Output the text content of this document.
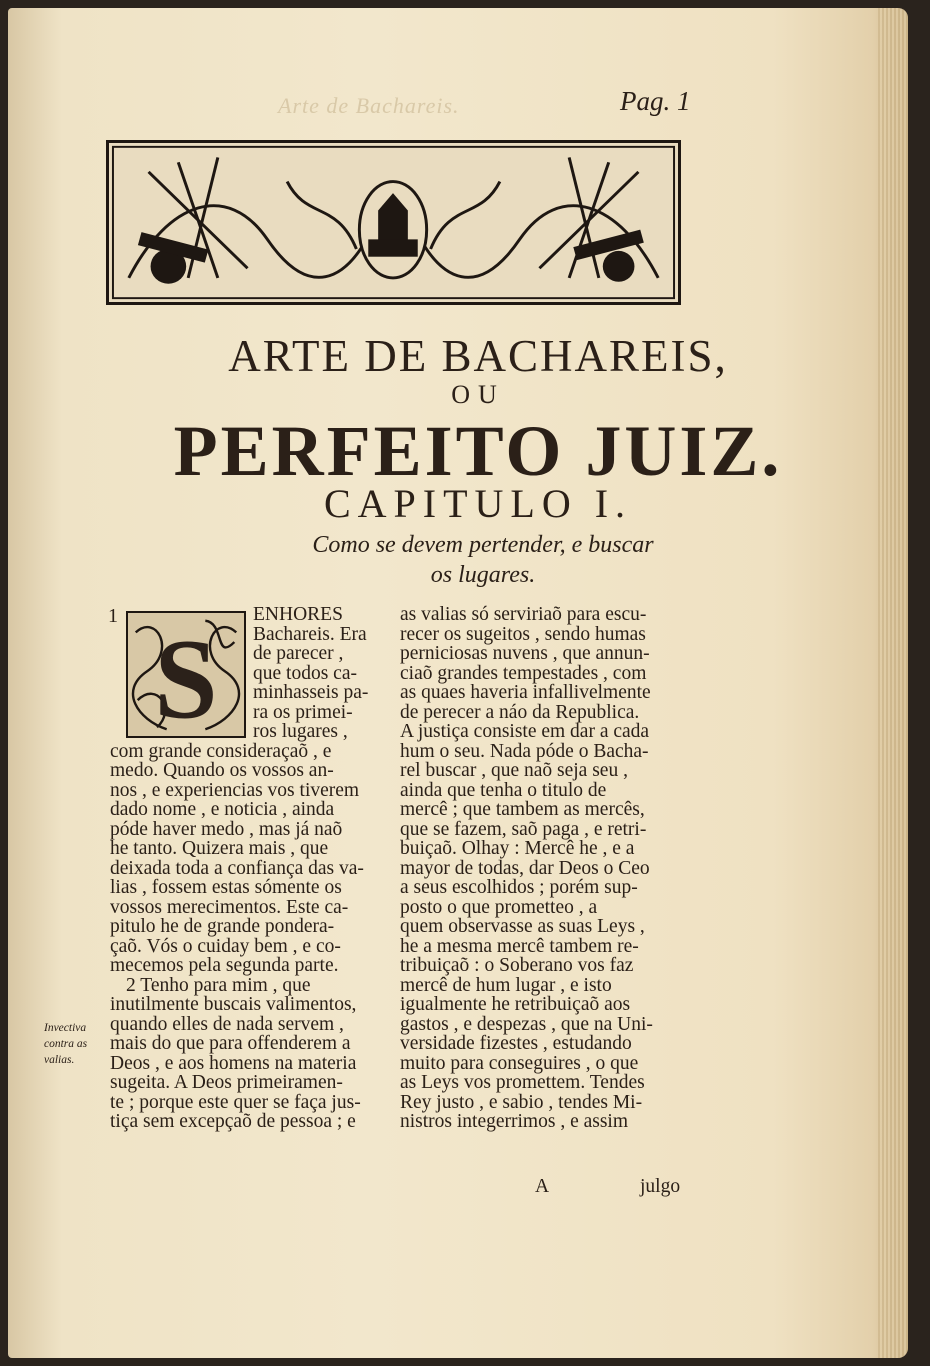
Arte de Bachareis.	Pag. 1
ARTE DE BACHAREIS,
OU
PERFEITO JUIZ.
CAPITULO I.
Como se devem pertender, e buscar
os lugares.
1 S
ENHORES
Bachareis. Era
de parecer ,
que todos ca-
minhasseis pa-
ra os primei-
ros lugares ,
com grande consideraçaõ , e
medo. Quando os vossos an-
nos , e experiencias vos tiverem
dado nome , e noticia , ainda
póde haver medo , mas já naõ
he tanto. Quizera mais , que
deixada toda a confiança das va-
lias , fossem estas sómente os
vossos merecimentos. Este ca-
pitulo he de grande pondera-
çaõ. Vós o cuiday bem , e co-
mecemos pela segunda parte.
2 Tenho para mim , que
inutilmente buscais valimentos,
quando elles de nada servem ,
mais do que para offenderem a
Deos , e aos homens na materia
sugeita. A Deos primeiramen-
te ; porque este quer se faça jus-
tiça sem excepçaõ de pessoa ; e
as valias só serviriaõ para escu-
recer os sugeitos , sendo humas
perniciosas nuvens , que annun-
ciaõ grandes tempestades , com
as quaes haveria infallivelmente
de perecer a náo da Republica.
A justiça consiste em dar a cada
hum o seu. Nada póde o Bacha-
rel buscar , que naõ seja seu ,
ainda que tenha o titulo de
mercê ; que tambem as mercês,
que se fazem, saõ paga , e retri-
buiçaõ. Olhay : Mercê he , e a
mayor de todas, dar Deos o Ceo
a seus escolhidos ; porém sup-
posto o que prometteo , a
quem observasse as suas Leys ,
he a mesma mercê tambem re-
tribuiçaõ : o Soberano vos faz
mercê de hum lugar , e isto
igualmente he retribuiçaõ aos
gastos , e despezas , que na Uni-
versidade fizestes , estudando
muito para conseguires , o que
as Leys vos promettem. Tendes
Rey justo , e sabio , tendes Mi-
nistros integerrimos , e assim
Invectiva
contra as
valias.
A	julgo
